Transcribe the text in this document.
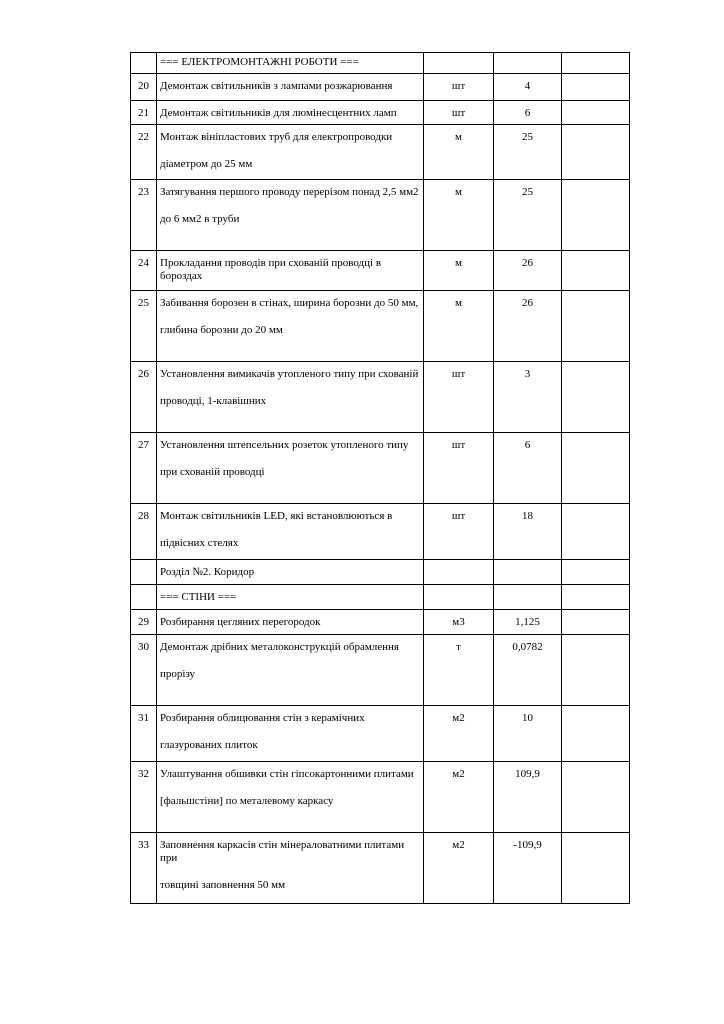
	=== ЕЛЕКТРОМОНТАЖНІ РОБОТИ ===			
20	Демонтаж світильників з лампами розжарювання	шт	4	
21	Демонтаж світильників для люмінесцентних ламп	шт	6	
22	Монтаж вініпластових труб для електропроводки
діаметром до 25 мм	м	25	
23	Затягування першого проводу перерізом понад 2,5 мм2
до 6 мм2 в труби	м	25	
24	Прокладання проводів при схованій проводці в бороздах	м	26	
25	Забивання борозен в стінах, ширина борозни до 50 мм,
глибина борозни до 20 мм	м	26	
26	Установлення вимикачів утопленого типу при схованій
проводці, 1-клавішних	шт	3	
27	Установлення штепсельних розеток утопленого типу
при схованій проводці	шт	6	
28	Монтаж світильників LED, які встановлюються в
підвісних стелях	шт	18	
	Розділ №2. Коридор			
	=== СТІНИ ===			
29	Розбирання цегляних перегородок	м3	1,125	
30	Демонтаж дрібних металоконструкцій обрамлення
прорізу	т	0,0782	
31	Розбирання облицювання стін з керамічних
глазурованих плиток	м2	10	
32	Улаштування обшивки стін гіпсокартонними плитами
[фальшстіни] по металевому каркасу	м2	109,9	
33	Заповнення каркасів стін мінераловатними плитами при
товщині заповнення 50 мм	м2	-109,9	
